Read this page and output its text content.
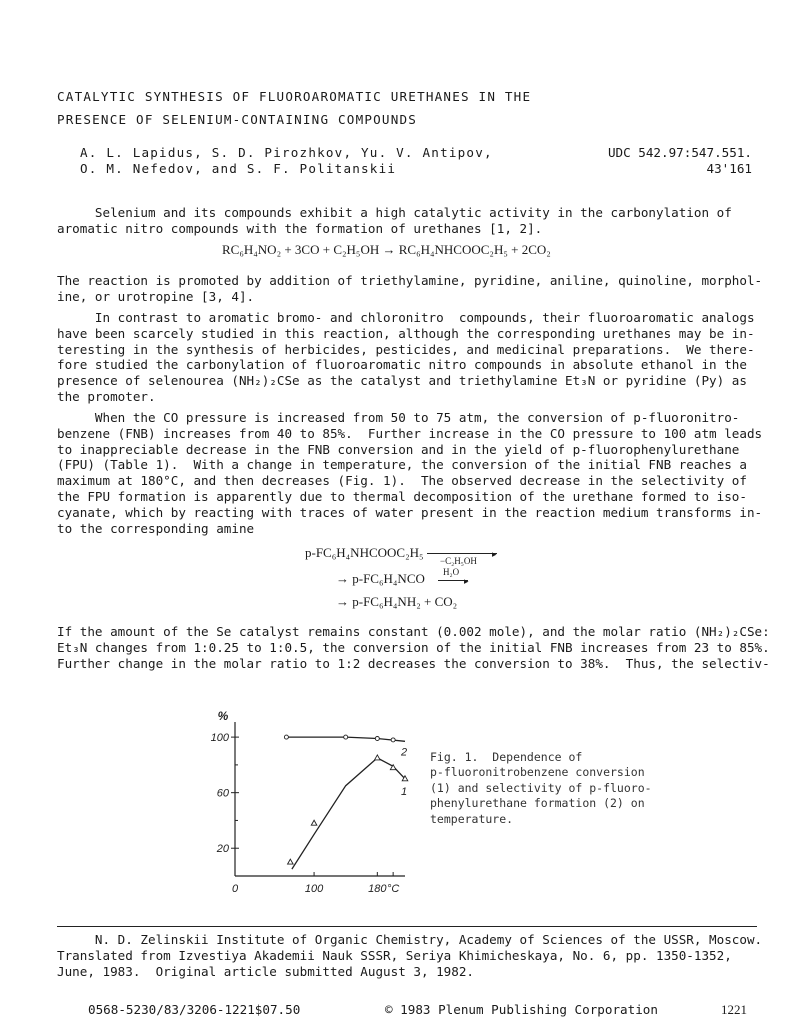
CATALYTIC SYNTHESIS OF FLUOROAROMATIC URETHANES IN THE
PRESENCE OF SELENIUM-CONTAINING COMPOUNDS
A. L. Lapidus, S. D. Pirozhkov, Yu. V. Antipov,
O. M. Nefedov, and S. F. Politanskii
UDC 542.97:547.551.
43'161
Selenium and its compounds exhibit a high catalytic activity in the carbonylation of
aromatic nitro compounds with the formation of urethanes [1, 2].
RC₆H₄NO₂ + 3CO + C₂H₅OH → RC₆H₄NHCOOC₂H₅ + 2CO₂
The reaction is promoted by addition of triethylamine, pyridine, aniline, quinoline, morphol-
ine, or urotropine [3, 4].
In contrast to aromatic bromo- and chloronitro  compounds, their fluoroaromatic analogs
have been scarcely studied in this reaction, although the corresponding urethanes may be in-
teresting in the synthesis of herbicides, pesticides, and medicinal preparations.  We there-
fore studied the carbonylation of fluoroaromatic nitro compounds in absolute ethanol in the
presence of selenourea (NH₂)₂CSe as the catalyst and triethylamine Et₃N or pyridine (Py) as
the promoter.
When the CO pressure is increased from 50 to 75 atm, the conversion of p-fluoronitro-
benzene (FNB) increases from 40 to 85%.  Further increase in the CO pressure to 100 atm leads
to inappreciable decrease in the FNB conversion and in the yield of p-fluorophenylurethane
(FPU) (Table 1).  With a change in temperature, the conversion of the initial FNB reaches a
maximum at 180°C, and then decreases (Fig. 1).  The observed decrease in the selectivity of
the FPU formation is apparently due to thermal decomposition of the urethane formed to iso-
cyanate, which by reacting with traces of water present in the reaction medium transforms in-
to the corresponding amine
p-FC₆H₄NHCOOC₂H₅	▸
−C₂H₅OH
→ p-FC₆H₄NCO	▸
H₂O
→ p-FC₆H₄NH₂ + CO₂
If the amount of the Se catalyst remains constant (0.002 mole), and the molar ratio (NH₂)₂CSe:
Et₃N changes from 1:0.25 to 1:0.5, the conversion of the initial FNB increases from 23 to 85%.
Further change in the molar ratio to 1:2 decreases the conversion to 38%.  Thus, the selectiv-
20
60
100
0	100	180 °C
%
1
2 Fig. 1.  Dependence of
p-fluoronitrobenzene conversion
(1) and selectivity of p-fluoro-
phenylurethane formation (2) on
temperature.
N. D. Zelinskii Institute of Organic Chemistry, Academy of Sciences of the USSR, Moscow.
Translated from Izvestiya Akademii Nauk SSSR, Seriya Khimicheskaya, No. 6, pp. 1350-1352,
June, 1983.  Original article submitted August 3, 1982.
0568-5230/83/3206-1221$07.50	© 1983 Plenum Publishing Corporation	1221
